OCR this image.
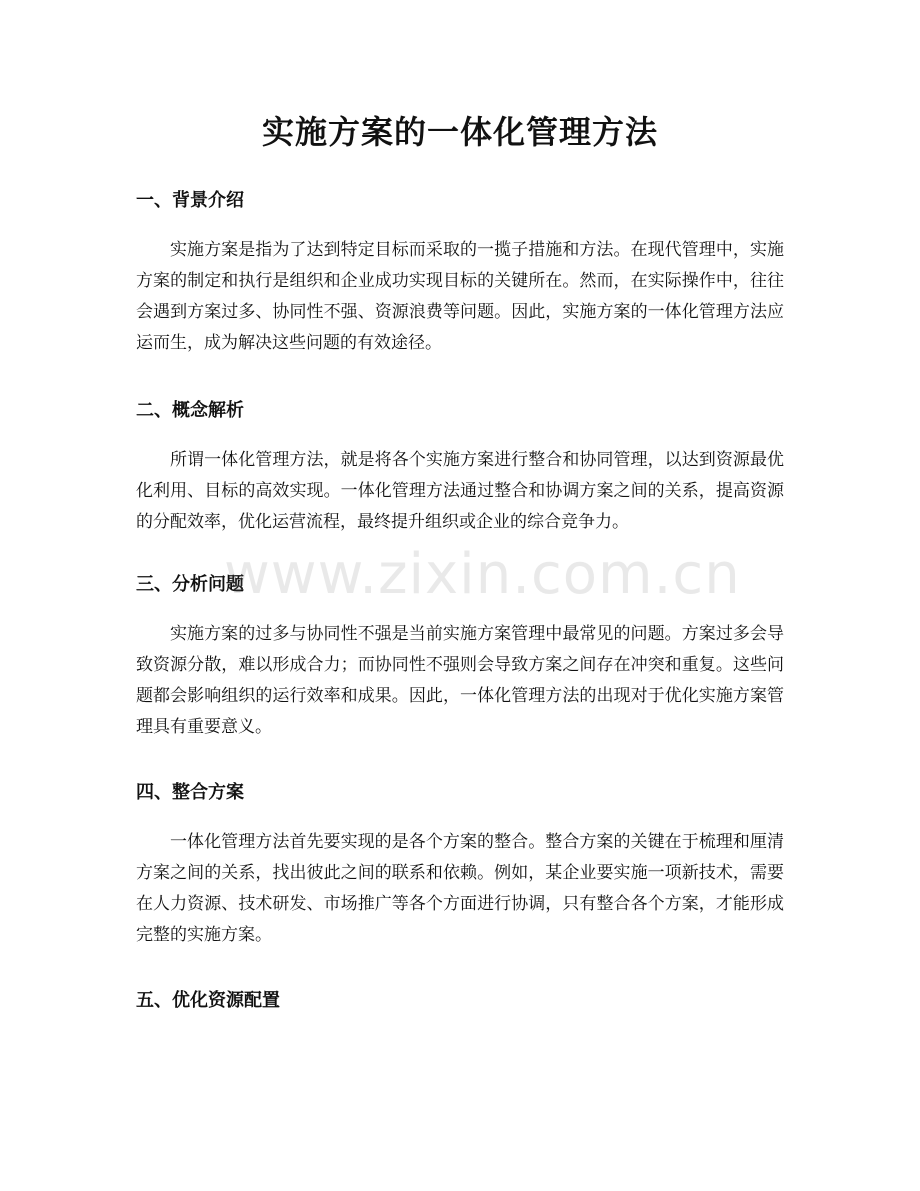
实施方案的一体化管理方法
一、背景介绍

实施方案是指为了达到特定目标而采取的一揽子措施和方法。在现代管理中，实施方案的制定和执行是组织和企业成功实现目标的关键所在。然而，在实际操作中，往往会遇到方案过多、协同性不强、资源浪费等问题。因此，实施方案的一体化管理方法应运而生，成为解决这些问题的有效途径。

二、概念解析

所谓一体化管理方法，就是将各个实施方案进行整合和协同管理，以达到资源最优化利用、目标的高效实现。一体化管理方法通过整合和协调方案之间的关系，提高资源的分配效率，优化运营流程，最终提升组织或企业的综合竞争力。

三、分析问题

实施方案的过多与协同性不强是当前实施方案管理中最常见的问题。方案过多会导致资源分散，难以形成合力；而协同性不强则会导致方案之间存在冲突和重复。这些问题都会影响组织的运行效率和成果。因此，一体化管理方法的出现对于优化实施方案管理具有重要意义。

四、整合方案

一体化管理方法首先要实现的是各个方案的整合。整合方案的关键在于梳理和厘清方案之间的关系，找出彼此之间的联系和依赖。例如，某企业要实施一项新技术，需要在人力资源、技术研发、市场推广等各个方面进行协调，只有整合各个方案，才能形成完整的实施方案。

五、优化资源配置
www.zixin.com.cn
